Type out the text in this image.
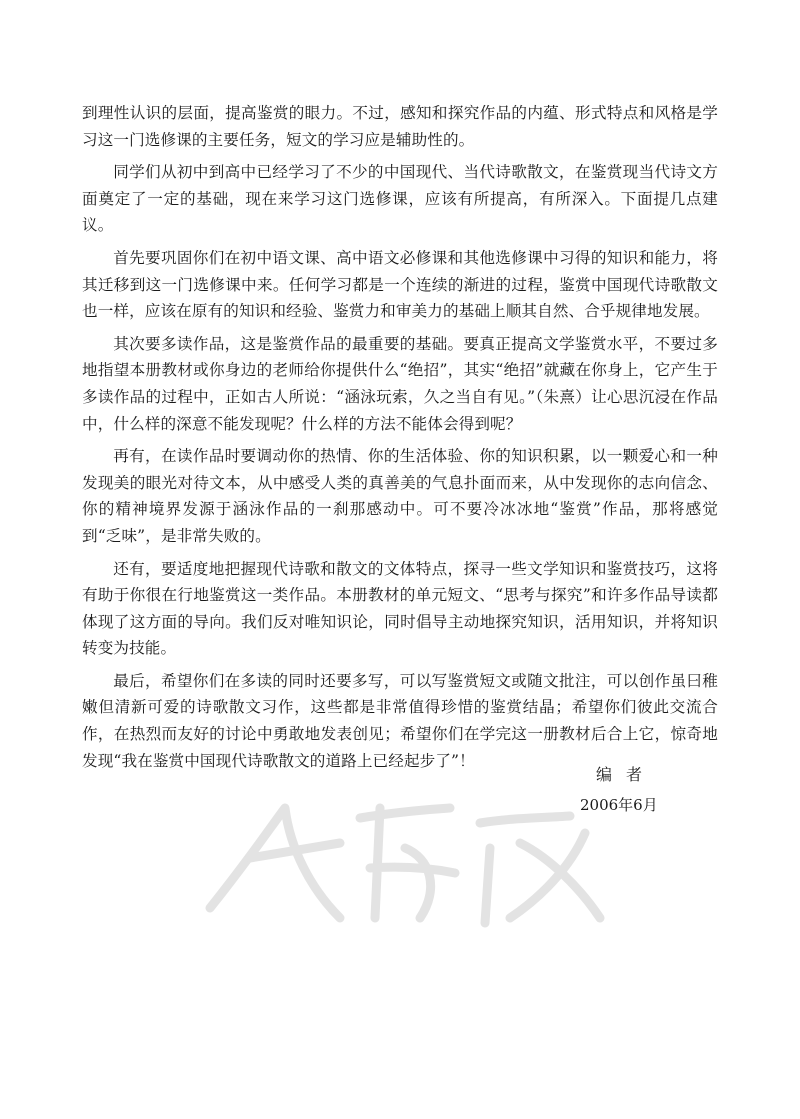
到理性认识的层面，提高鉴赏的眼力。不过，感知和探究作品的内蕴、形式特点和风格是学习这一门选修课的主要任务，短文的学习应是辅助性的。

同学们从初中到高中已经学习了不少的中国现代、当代诗歌散文，在鉴赏现当代诗文方面奠定了一定的基础，现在来学习这门选修课，应该有所提高，有所深入。下面提几点建议。

首先要巩固你们在初中语文课、高中语文必修课和其他选修课中习得的知识和能力，将其迁移到这一门选修课中来。任何学习都是一个连续的渐进的过程，鉴赏中国现代诗歌散文也一样，应该在原有的知识和经验、鉴赏力和审美力的基础上顺其自然、合乎规律地发展。

其次要多读作品，这是鉴赏作品的最重要的基础。要真正提高文学鉴赏水平，不要过多地指望本册教材或你身边的老师给你提供什么“绝招”，其实“绝招”就藏在你身上，它产生于多读作品的过程中，正如古人所说：“涵泳玩索，久之当自有见。”（朱熹）让心思沉浸在作品中，什么样的深意不能发现呢？什么样的方法不能体会得到呢？

再有，在读作品时要调动你的热情、你的生活体验、你的知识积累，以一颗爱心和一种发现美的眼光对待文本，从中感受人类的真善美的气息扑面而来，从中发现你的志向信念、你的精神境界发源于涵泳作品的一刹那感动中。可不要冷冰冰地“鉴赏”作品，那将感觉到“乏味”，是非常失败的。

还有，要适度地把握现代诗歌和散文的文体特点，探寻一些文学知识和鉴赏技巧，这将有助于你很在行地鉴赏这一类作品。本册教材的单元短文、“思考与探究”和许多作品导读都体现了这方面的导向。我们反对唯知识论，同时倡导主动地探究知识，活用知识，并将知识转变为技能。

最后，希望你们在多读的同时还要多写，可以写鉴赏短文或随文批注，可以创作虽曰稚嫩但清新可爱的诗歌散文习作，这些都是非常值得珍惜的鉴赏结晶；希望你们彼此交流合作，在热烈而友好的讨论中勇敢地发表创见；希望你们在学完这一册教材后合上它，惊奇地发现“我在鉴赏中国现代诗歌散文的道路上已经起步了”！

编者
2006年6月
